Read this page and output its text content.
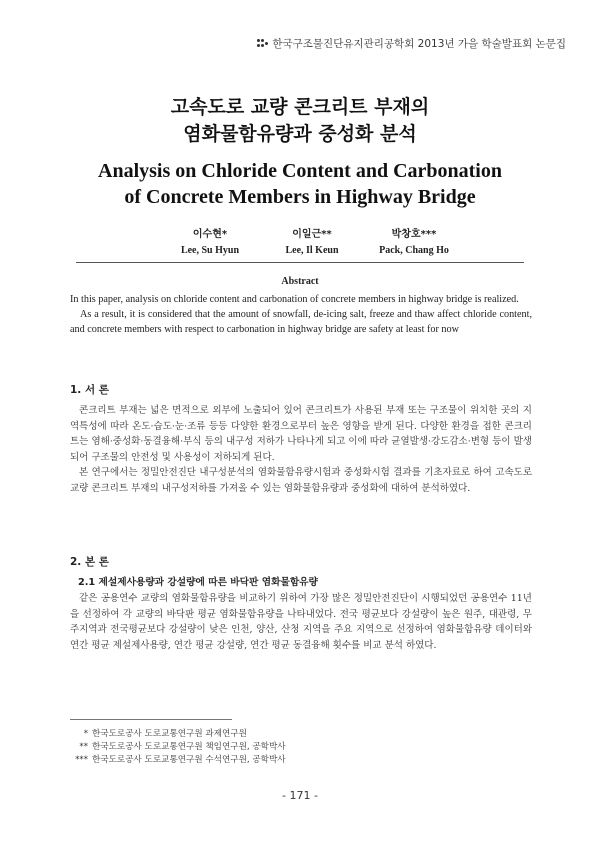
한국구조물진단유지관리공학회 2013년 가을 학술발표회 논문집
고속도로 교량 콘크리트 부재의
염화물함유량과 중성화 분석
Analysis on Chloride Content and Carbonation
of Concrete Members in Highway Bridge
이수현*
Lee, Su Hyun
이일근**
Lee, Il Keun
박창호***
Pack, Chang Ho
Abstract

In this paper, analysis on chloride content and carbonation of concrete members in highway bridge is realized.

As a result, it is considered that the amount of snowfall, de-icing salt, freeze and thaw affect chloride content, and concrete members with respect to carbonation in highway bridge are safety at least for now

1. 서 론

콘크리트 부재는 넓은 면적으로 외부에 노출되어 있어 콘크리트가 사용된 부재 또는 구조물이 위치한 곳의 지역특성에 따라 온도·습도·눈·조류 등등 다양한 환경으로부터 높은 영향을 받게 된다. 다양한 환경을 접한 콘크리트는 염해·중성화·동결융해·부식 등의 내구성 저하가 나타나게 되고 이에 따라 균열발생·강도감소·변형 등이 발생되어 구조물의 안전성 및 사용성이 저하되게 된다.

본 연구에서는 정밀안전진단 내구성분석의 염화물함유량시험과 중성화시험 결과를 기초자료로 하여 고속도로 교량 콘크리트 부재의 내구성저하를 가져올 수 있는 염화물함유량과 중성화에 대하여 분석하였다.

2. 본 론
2.1 제설제사용량과 강설량에 따른 바닥판 염화물함유량

같은 공용연수 교량의 염화물함유량을 비교하기 위하여 가장 많은 정밀안전진단이 시행되었던 공용연수 11년을 선정하여 각 교량의 바닥판 평균 염화물함유량을 나타내었다. 전국 평균보다 강설량이 높은 원주, 대관령, 무주지역과 전국평균보다 강설량이 낮은 인천, 양산, 산청 지역을 주요 지역으로 선정하여 염화물함유량 데이터와 연간 평균 제설제사용량, 연간 평균 강설량, 연간 평균 동결융해 횟수를 비교 분석 하였다.

* 한국도로공사 도로교통연구원 과제연구원
** 한국도로공사 도로교통연구원 책임연구원, 공학박사
*** 한국도로공사 도로교통연구원 수석연구원, 공학박사
- 171 -
